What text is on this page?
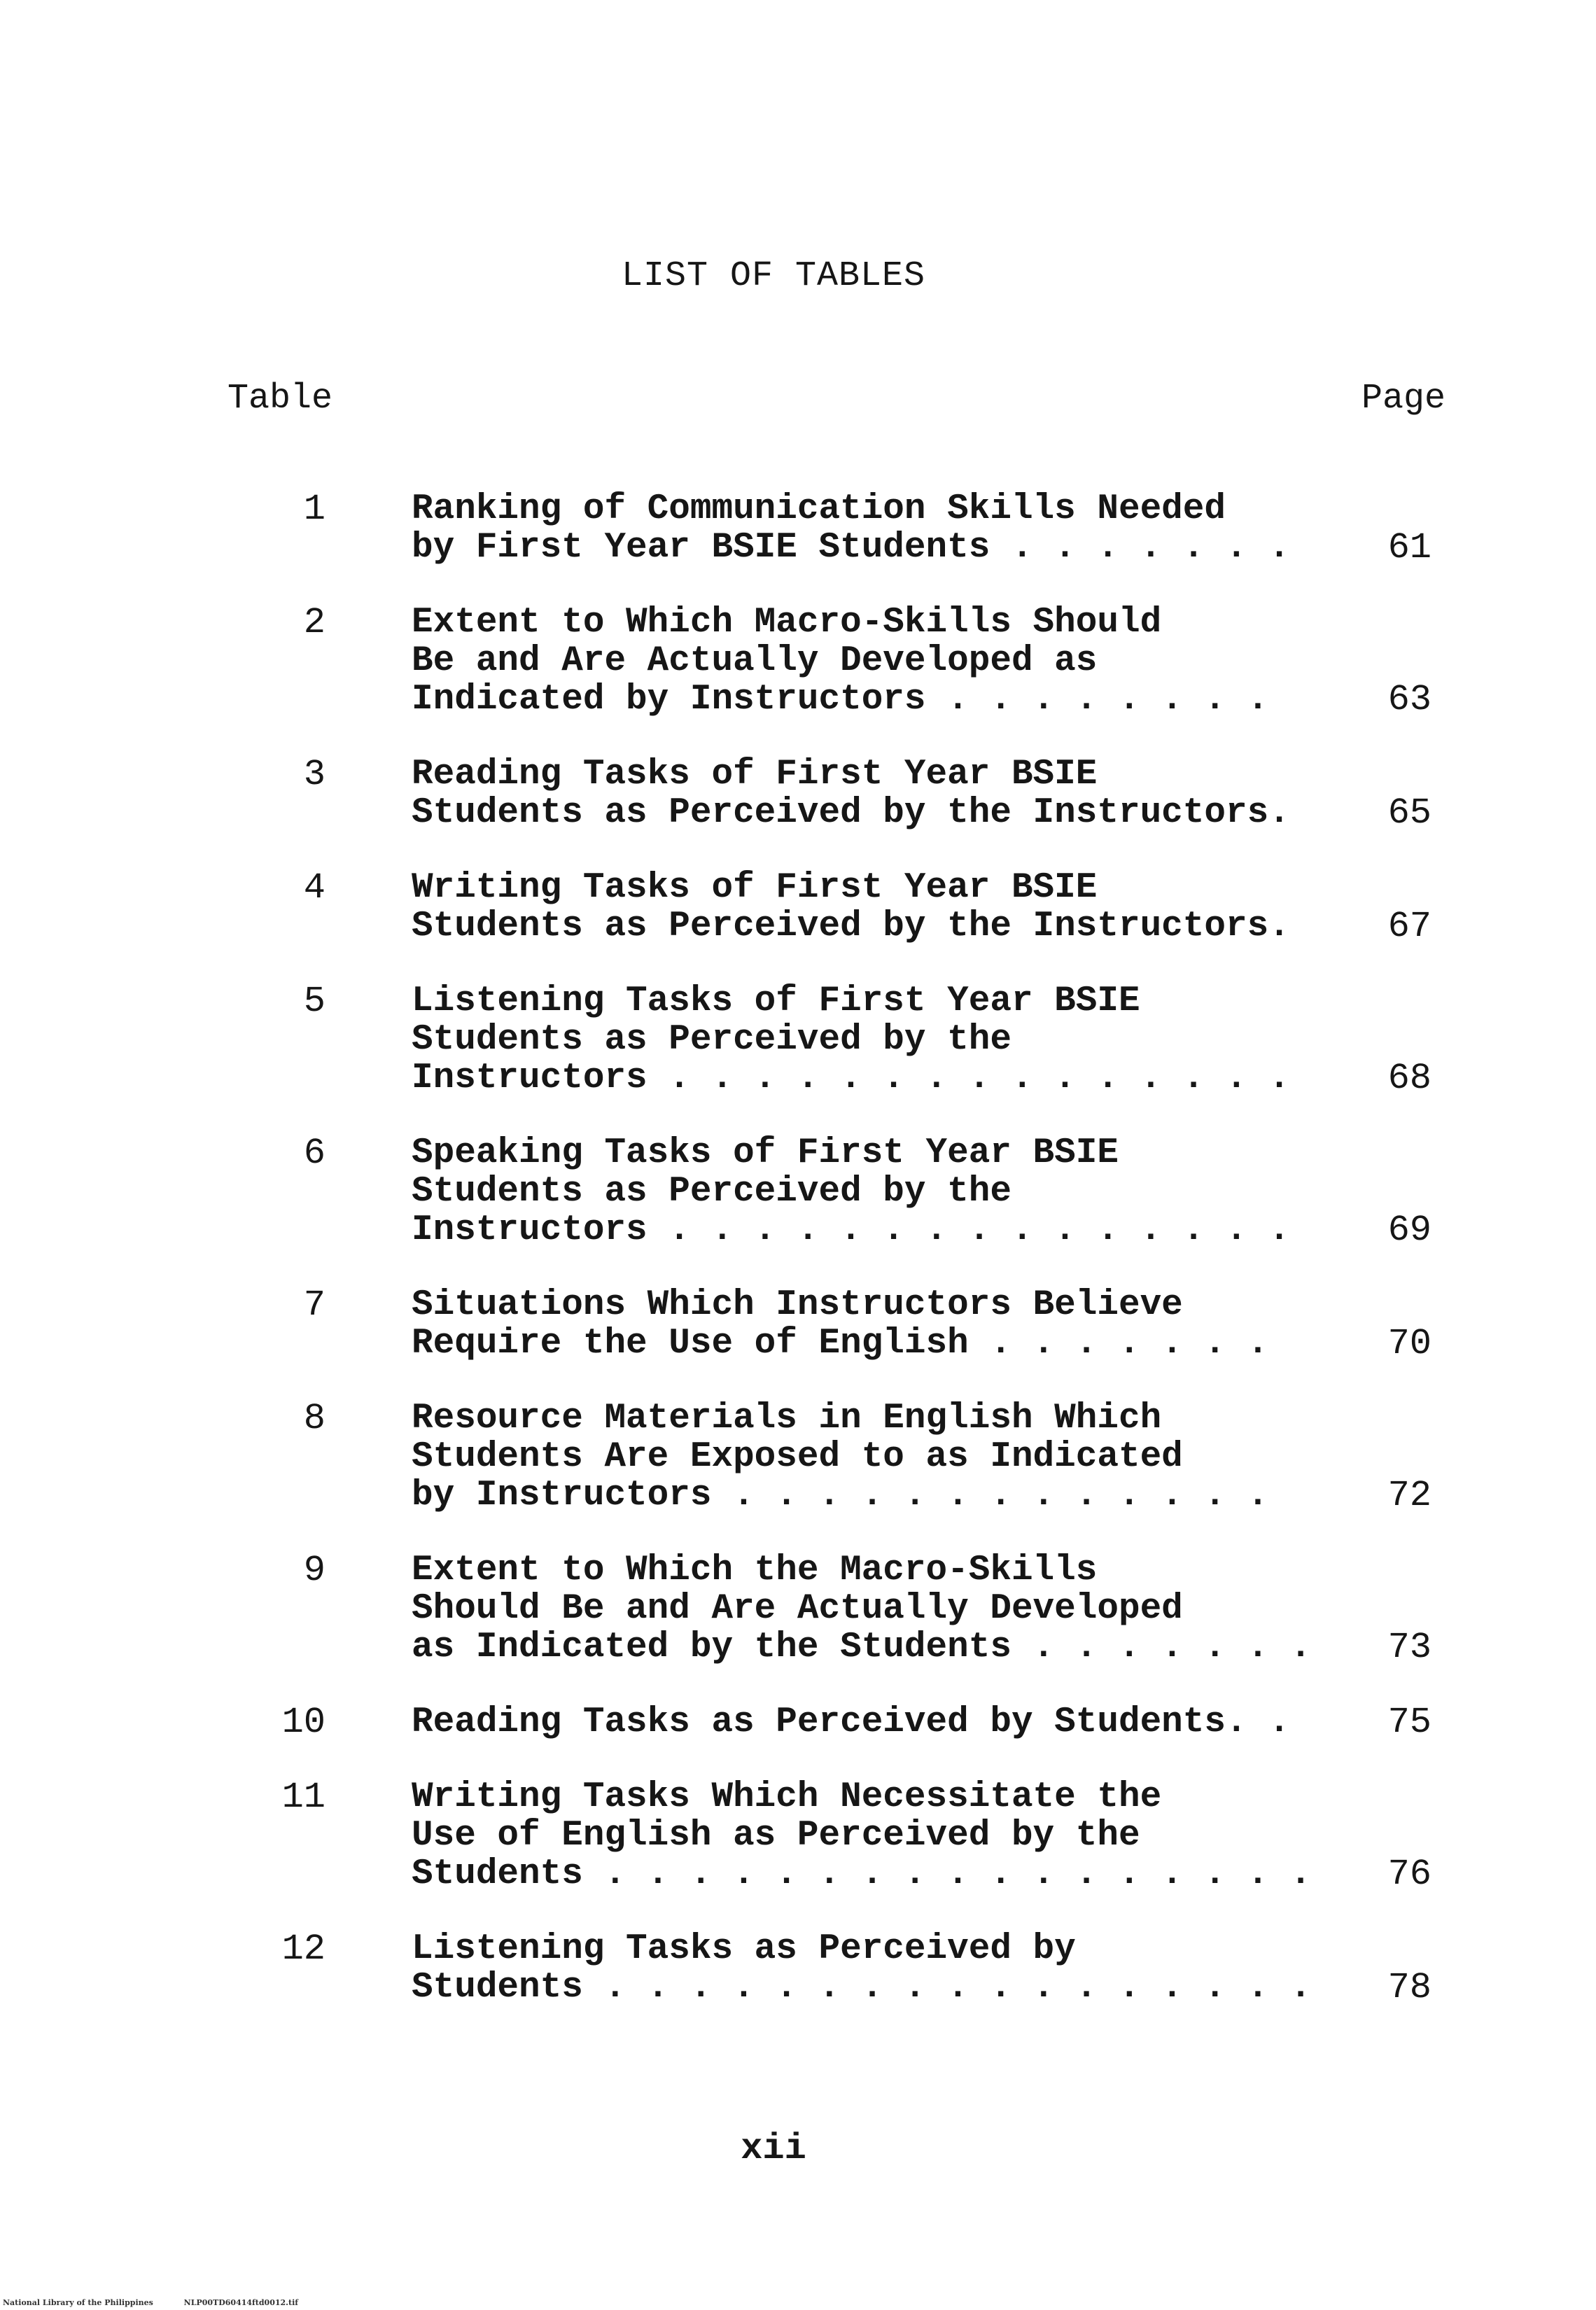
LIST OF TABLES
Table	Page
1 Ranking of Communication Skills Needed
by First Year BSIE Students . . . . . . .	61
2 Extent to Which Macro-Skills Should
Be and Are Actually Developed as
Indicated by Instructors . . . . . . . .	63
3 Reading Tasks of First Year BSIE
Students as Perceived by the Instructors.	65
4 Writing Tasks of First Year BSIE
Students as Perceived by the Instructors.	67
5 Listening Tasks of First Year BSIE
Students as Perceived by the
Instructors . . . . . . . . . . . . . . .	68
6 Speaking Tasks of First Year BSIE
Students as Perceived by the
Instructors . . . . . . . . . . . . . . .	69
7 Situations Which Instructors Believe
Require the Use of English . . . . . . .	70
8 Resource Materials in English Which
Students Are Exposed to as Indicated
by Instructors . . . . . . . . . . . . .	72
9 Extent to Which the Macro-Skills
Should Be and Are Actually Developed
as Indicated by the Students . . . . . . .	73
10 Reading Tasks as Perceived by Students. .	75
11 Writing Tasks Which Necessitate the
Use of English as Perceived by the
Students . . . . . . . . . . . . . . . . .	76
12 Listening Tasks as Perceived by
Students . . . . . . . . . . . . . . . . .	78
xii
National Library of the Philippines	NLP00TD60414ftd0012.tif
